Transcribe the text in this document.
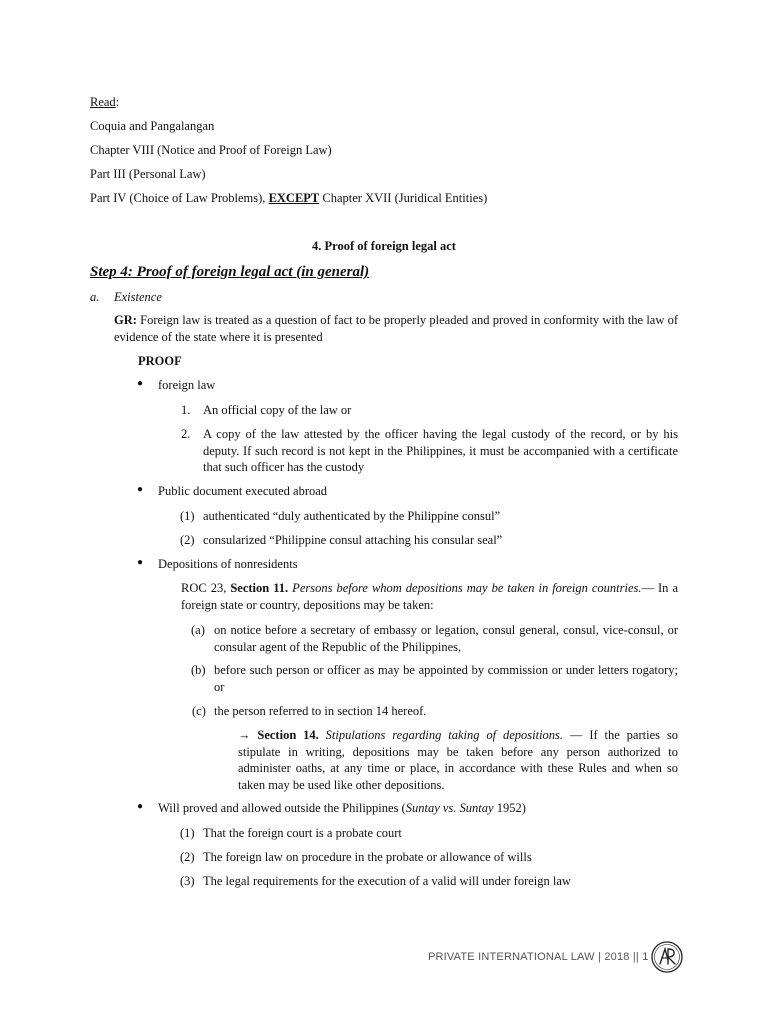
Read:
Coquia and Pangalangan
Chapter VIII (Notice and Proof of Foreign Law)
Part III (Personal Law)
Part IV (Choice of Law Problems), EXCEPT Chapter XVII (Juridical Entities)
4. Proof of foreign legal act
Step 4: Proof of foreign legal act (in general)
a. Existence
GR: Foreign law is treated as a question of fact to be properly pleaded and proved in conformity with the law of evidence of the state where it is presented
PROOF
● foreign law
1. An official copy of the law or
2. A copy of the law attested by the officer having the legal custody of the record, or by his deputy. If such record is not kept in the Philippines, it must be accompanied with a certificate that such officer has the custody
● Public document executed abroad
(1) authenticated “duly authenticated by the Philippine consul”
(2) consularized “Philippine consul attaching his consular seal”
● Depositions of nonresidents
ROC 23, Section 11. Persons before whom depositions may be taken in foreign countries.— In a foreign state or country, depositions may be taken:
(a) on notice before a secretary of embassy or legation, consul general, consul, vice-consul, or consular agent of the Republic of the Philippines,
(b) before such person or officer as may be appointed by commission or under letters rogatory; or
(c) the person referred to in section 14 hereof.
→ Section 14. Stipulations regarding taking of depositions. — If the parties so stipulate in writing, depositions may be taken before any person authorized to administer oaths, at any time or place, in accordance with these Rules and when so taken may be used like other depositions.
● Will proved and allowed outside the Philippines (Suntay vs. Suntay 1952)
(1) That the foreign court is a probate court
(2) The foreign law on procedure in the probate or allowance of wills
(3) The legal requirements for the execution of a valid will under foreign law
PRIVATE INTERNATIONAL LAW | 2018 || 1
